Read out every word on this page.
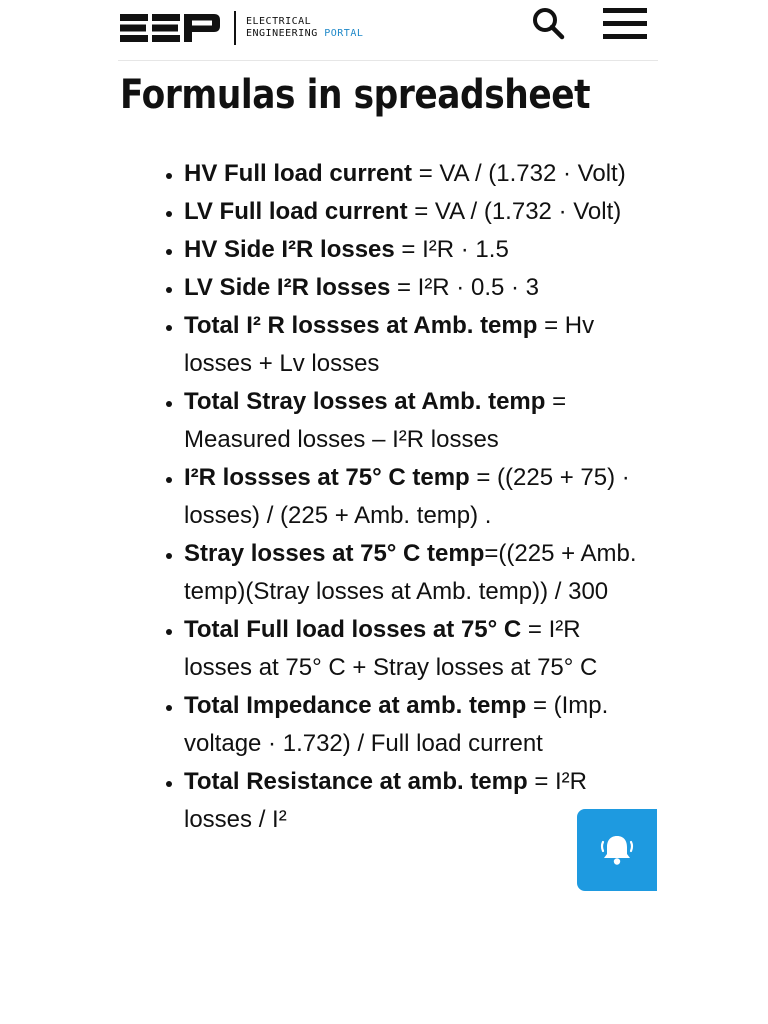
ELECTRICAL
ENGINEERING PORTAL
Formulas in spreadsheet
• HV Full load current = VA / (1.732 · Volt)
• LV Full load current = VA / (1.732 · Volt)
• HV Side I²R losses = I²R · 1.5
• LV Side I²R losses = I²R · 0.5 · 3
• Total I² R lossses at Amb. temp = Hv losses + Lv losses
• Total Stray losses at Amb. temp = Measured losses – I²R losses
• I²R lossses at 75° C temp = ((225 + 75) · losses) / (225 + Amb. temp) .
• Stray losses at 75° C temp=((225 + Amb. temp)(Stray losses at Amb. temp)) / 300
• Total Full load losses at 75° C = I²R losses at 75° C + Stray losses at 75° C
• Total Impedance at amb. temp = (Imp. voltage · 1.732) / Full load current
• Total Resistance at amb. temp = I²R losses / I²
